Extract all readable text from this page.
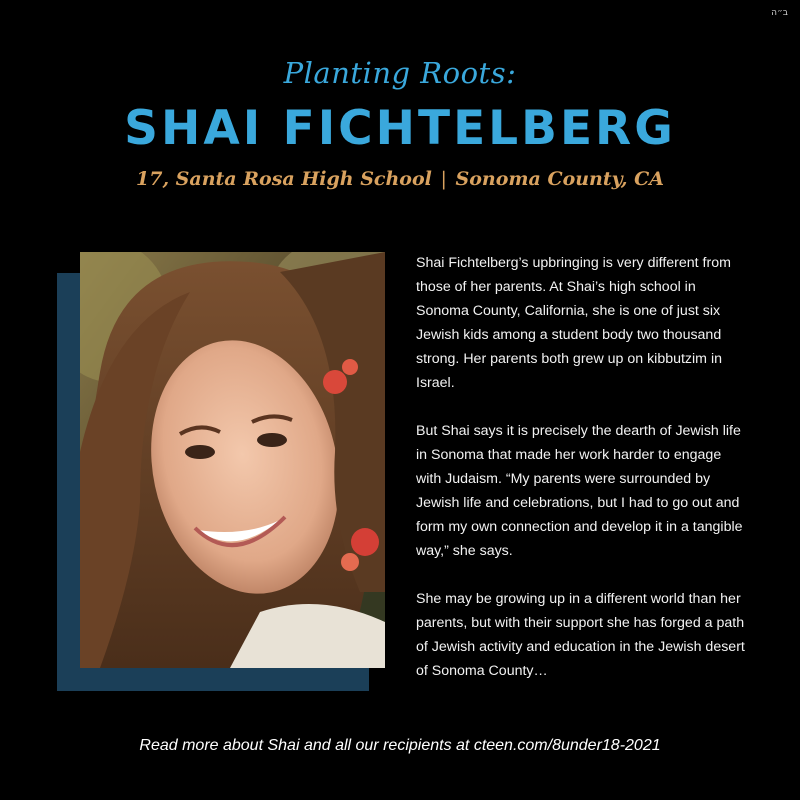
ב״ה
Planting Roots:
SHAI FICHTELBERG
17, Santa Rosa High School | Sonoma County, CA

Shai Fichtelberg’s upbringing is very different from those of her parents. At Shai’s high school in Sonoma County, California, she is one of just six Jewish kids among a student body two thousand strong. Her parents both grew up on kibbutzim in Israel.

But Shai says it is precisely the dearth of Jewish life in Sonoma that made her work harder to engage with Judaism. “My parents were surrounded by Jewish life and celebrations, but I had to go out and form my own connection and develop it in a tangible way,” she says.

She may be growing up in a different world than her parents, but with their support she has forged a path of Jewish activity and education in the Jewish desert of Sonoma County…

Read more about Shai and all our recipients at cteen.com/8under18-2021
